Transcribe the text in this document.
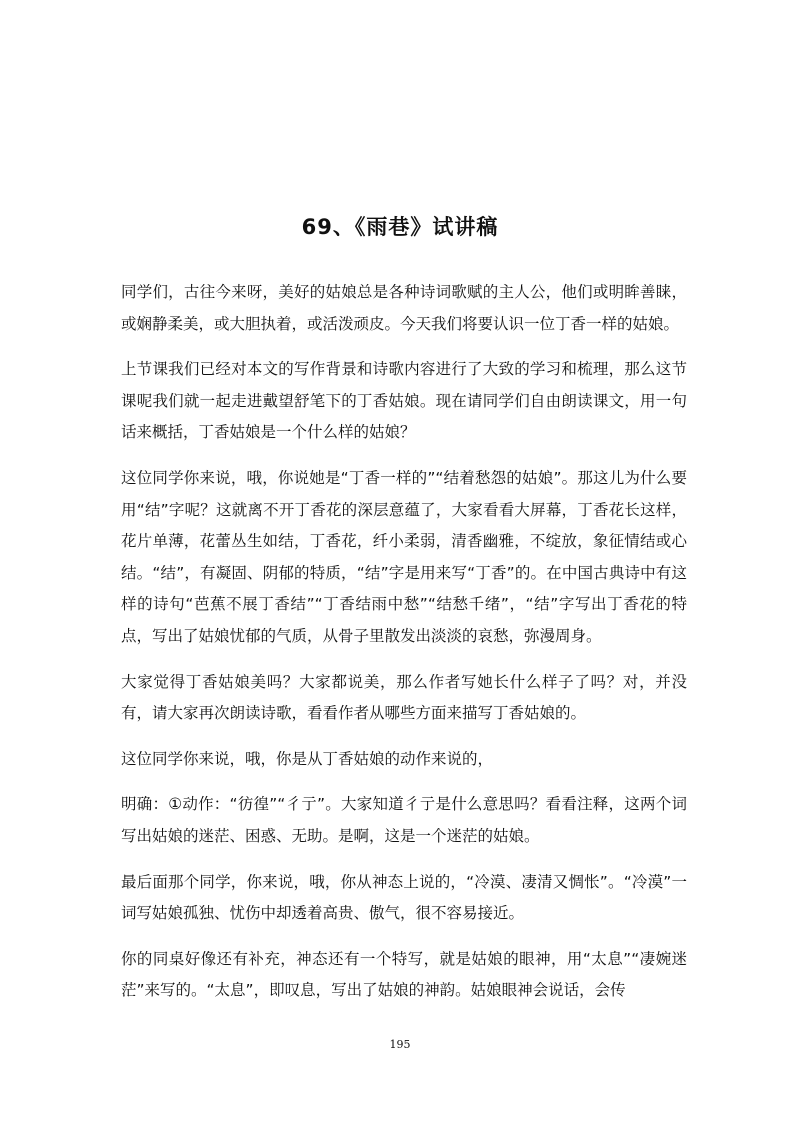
69、《雨巷》试讲稿

同学们，古往今来呀，美好的姑娘总是各种诗词歌赋的主人公，他们或明眸善睐，或娴静柔美，或大胆执着，或活泼顽皮。今天我们将要认识一位丁香一样的姑娘。

上节课我们已经对本文的写作背景和诗歌内容进行了大致的学习和梳理，那么这节课呢我们就一起走进戴望舒笔下的丁香姑娘。现在请同学们自由朗读课文，用一句话来概括，丁香姑娘是一个什么样的姑娘？

这位同学你来说，哦，你说她是“丁香一样的”“结着愁怨的姑娘”。那这儿为什么要用“结”字呢？这就离不开丁香花的深层意蕴了，大家看看大屏幕，丁香花长这样，花片单薄，花蕾丛生如结，丁香花，纤小柔弱，清香幽雅，不绽放，象征情结或心结。“结”，有凝固、阴郁的特质，“结”字是用来写“丁香”的。在中国古典诗中有这样的诗句“芭蕉不展丁香结”“丁香结雨中愁”“结愁千绪”，“结”字写出丁香花的特点，写出了姑娘忧郁的气质，从骨子里散发出淡淡的哀愁，弥漫周身。

大家觉得丁香姑娘美吗？大家都说美，那么作者写她长什么样子了吗？对，并没有，请大家再次朗读诗歌，看看作者从哪些方面来描写丁香姑娘的。

这位同学你来说，哦，你是从丁香姑娘的动作来说的，

明确：①动作：“彷徨”“彳亍”。大家知道彳亍是什么意思吗？看看注释，这两个词写出姑娘的迷茫、困惑、无助。是啊，这是一个迷茫的姑娘。

最后面那个同学，你来说，哦，你从神态上说的，“冷漠、凄清又惆怅”。“冷漠”一词写姑娘孤独、忧伤中却透着高贵、傲气，很不容易接近。

你的同桌好像还有补充，神态还有一个特写，就是姑娘的眼神，用“太息”“凄婉迷茫”来写的。“太息”，即叹息，写出了姑娘的神韵。姑娘眼神会说话，会传

195
